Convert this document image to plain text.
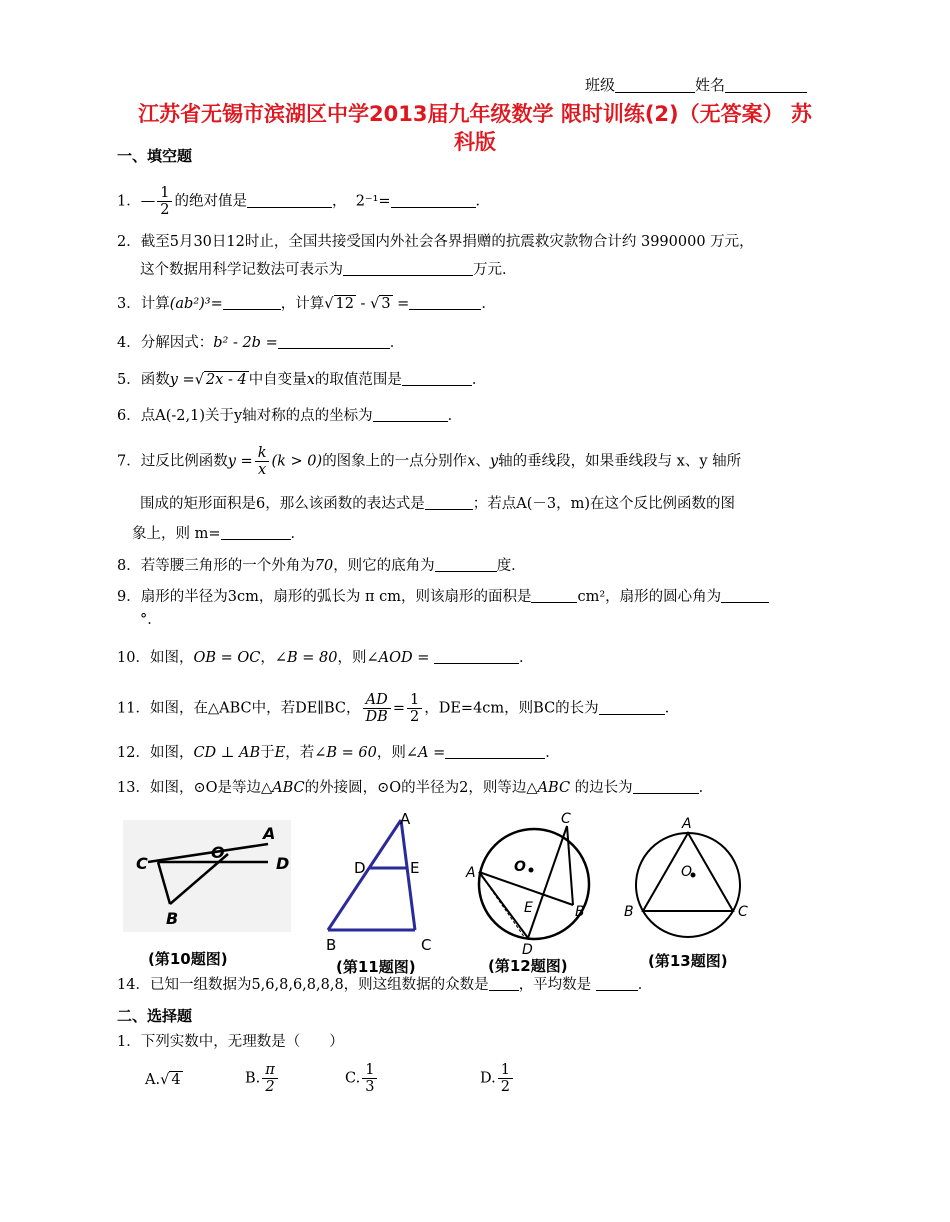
班级	姓名
江苏省无锡市滨湖区中学2013届九年级数学 限时训练(2)（无答案） 苏
科版
一、填空题
1．— $\frac{1}{2}$ 的绝对值是	， 2⁻¹=	．
2．截至5月30日12时止，全国共接受国内外社会各界捐赠的抗震救灾款物合计约 3990000 万元，
这个数据用科学记数法可表示为	万元．
3．计算(ab²)³=	，计算√ 12 - √ 3 =	．
4．分解因式：b² - 2b =	．
5．函数y =√ 2x - 4 中自变量x的取值范围是	．
6．点A(-2,1)关于y轴对称的点的坐标为	．
7．过反比例函数$y = \frac{k}{x} (k > 0)$的图象上的一点分别作x、y轴的垂线段，如果垂线段与 x、y 轴所
围成的矩形面积是6，那么该函数的表达式是	；若点A(－3，m)在这个反比例函数的图
象上，则 m=	．
8．若等腰三角形的一个外角为70，则它的底角为	度．
9．扇形的半径为3cm，扇形的弧长为 π cm，则该扇形的面积是	cm²，扇形的圆心角为
°．
10．如图，OB = OC，∠B = 80，则∠AOD =	．
11．如图，在△ABC中，若DE∥BC， $\frac{AD}{DB} = \frac{1}{2}$ ，DE=4cm，则BC的长为	．
12．如图，CD ⊥ AB于E，若∠B = 60，则∠A =	．
13．如图，⊙O是等边△ABC的外接圆，⊙O的半径为2，则等边△ABC 的边长为	．
A
C
O
D
B
(第10题图)
A
D	E
B	C
(第11题图)
C
O
A
E	B
D
(第12题图)
A
O
B	C
(第13题图)
14．已知一组数据为5,6,8,6,8,8,8，则这组数据的众数是 ，平均数是	．
二、选择题
1．下列实数中，无理数是（　　）
A.√ 4	B. $\frac{\pi}{2}$	C. $\frac{1}{3}$	D. $\frac{1}{2}$
